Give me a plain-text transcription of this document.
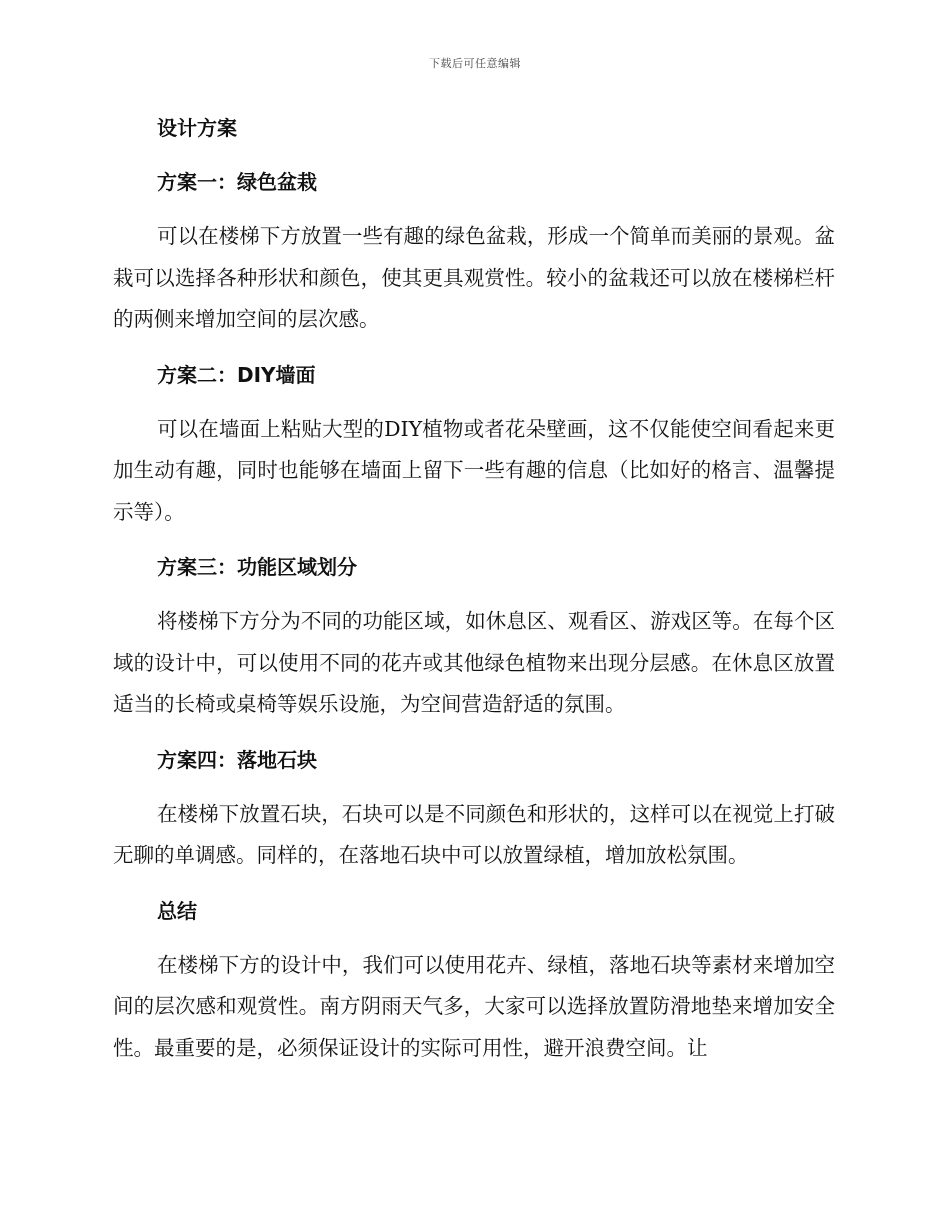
下载后可任意编辑
设计方案
方案一：绿色盆栽

可以在楼梯下方放置一些有趣的绿色盆栽，形成一个简单而美丽的景观。盆栽可以选择各种形状和颜色，使其更具观赏性。较小的盆栽还可以放在楼梯栏杆的两侧来增加空间的层次感。

方案二：DIY墙面

可以在墙面上粘贴大型的DIY植物或者花朵壁画，这不仅能使空间看起来更加生动有趣，同时也能够在墙面上留下一些有趣的信息（比如好的格言、温馨提示等）。

方案三：功能区域划分

将楼梯下方分为不同的功能区域，如休息区、观看区、游戏区等。在每个区域的设计中，可以使用不同的花卉或其他绿色植物来出现分层感。在休息区放置适当的长椅或桌椅等娱乐设施，为空间营造舒适的氛围。

方案四：落地石块

在楼梯下放置石块，石块可以是不同颜色和形状的，这样可以在视觉上打破无聊的单调感。同样的，在落地石块中可以放置绿植，增加放松氛围。

总结

在楼梯下方的设计中，我们可以使用花卉、绿植，落地石块等素材来增加空间的层次感和观赏性。南方阴雨天气多，大家可以选择放置防滑地垫来增加安全性。最重要的是，必须保证设计的实际可用性，避开浪费空间。让
